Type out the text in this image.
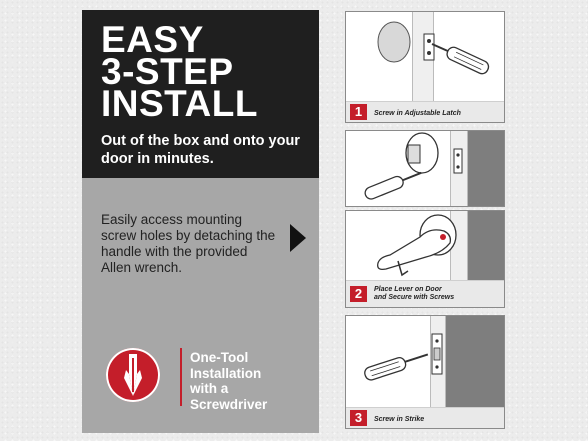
EASY
3-STEP
INSTALL

Out of the box and onto your door in minutes.

Easily access mounting screw holes by detaching the handle with the provided Allen wrench.

One-Tool
Installation
with a
Screwdriver

1	Screw in Adjustable Latch

2	Place Lever on Door
and Secure with Screws

3	Screw in Strike
